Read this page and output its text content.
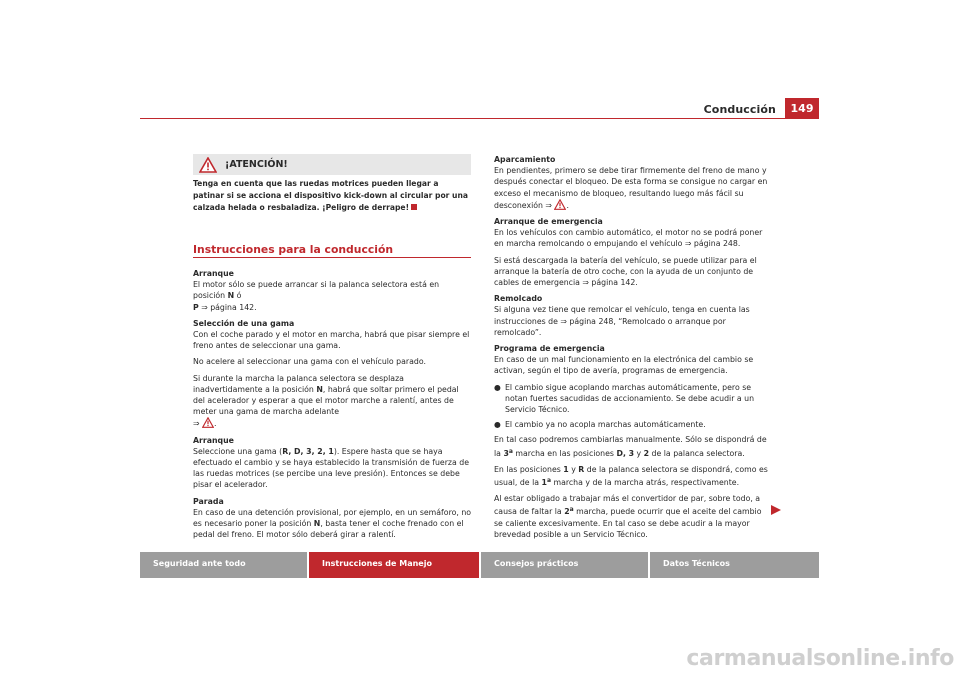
Conducción	149
¡ATENCIÓN!
Tenga en cuenta que las ruedas motrices pueden llegar a patinar si se acciona el dispositivo kick-down al circular por una calzada helada o resbaladiza. ¡Peligro de derrape!
Instrucciones para la conducción

Arranque

El motor sólo se puede arrancar si la palanca selectora está en posición N ó
P ⇒ página 142.

Selección de una gama

Con el coche parado y el motor en marcha, habrá que pisar siempre el freno antes de seleccionar una gama.

No acelere al seleccionar una gama con el vehículo parado.

Si durante la marcha la palanca selectora se desplaza inadvertidamente a la posición N, habrá que soltar primero el pedal del acelerador y esperar a que el motor marche a ralentí, antes de meter una gama de marcha adelante
⇒ .

Arranque

Seleccione una gama (R, D, 3, 2, 1). Espere hasta que se haya efectuado el cambio y se haya establecido la transmisión de fuerza de las ruedas motrices (se percibe una leve presión). Entonces se debe pisar el acelerador.

Parada

En caso de una detención provisional, por ejemplo, en un semáforo, no es necesario poner la posición N, basta tener el coche frenado con el pedal del freno. El motor sólo deberá girar a ralentí.

Aparcamiento

En pendientes, primero se debe tirar firmemente del freno de mano y después conectar el bloqueo. De esta forma se consigue no cargar en exceso el mecanismo de bloqueo, resultando luego más fácil su desconexión ⇒ .

Arranque de emergencia

En los vehículos con cambio automático, el motor no se podrá poner en marcha remolcando o empujando el vehículo ⇒ página 248.

Si está descargada la batería del vehículo, se puede utilizar para el arranque la batería de otro coche, con la ayuda de un conjunto de cables de emergencia ⇒ página 142.

Remolcado

Si alguna vez tiene que remolcar el vehículo, tenga en cuenta las instrucciones de ⇒ página 248, “Remolcado o arranque por remolcado”.

Programa de emergencia

En caso de un mal funcionamiento en la electrónica del cambio se activan, según el tipo de avería, programas de emergencia.

● El cambio sigue acoplando marchas automáticamente, pero se notan fuertes sacudidas de accionamiento. Se debe acudir a un Servicio Técnico.
● El cambio ya no acopla marchas automáticamente.

En tal caso podremos cambiarlas manualmente. Sólo se dispondrá de la 3$^a$ marcha en las posiciones D, 3 y 2 de la palanca selectora.

En las posiciones 1 y R de la palanca selectora se dispondrá, como es usual, de la 1$^a$ marcha y de la marcha atrás, respectivamente.

Al estar obligado a trabajar más el convertidor de par, sobre todo, a causa de faltar la 2$^a$ marcha, puede ocurrir que el aceite del cambio se caliente excesivamente. En tal caso se debe acudir a la mayor brevedad posible a un Servicio Técnico.

Seguridad ante todo	Instrucciones de Manejo	Consejos prácticos	Datos Técnicos
carmanualsonline.info
